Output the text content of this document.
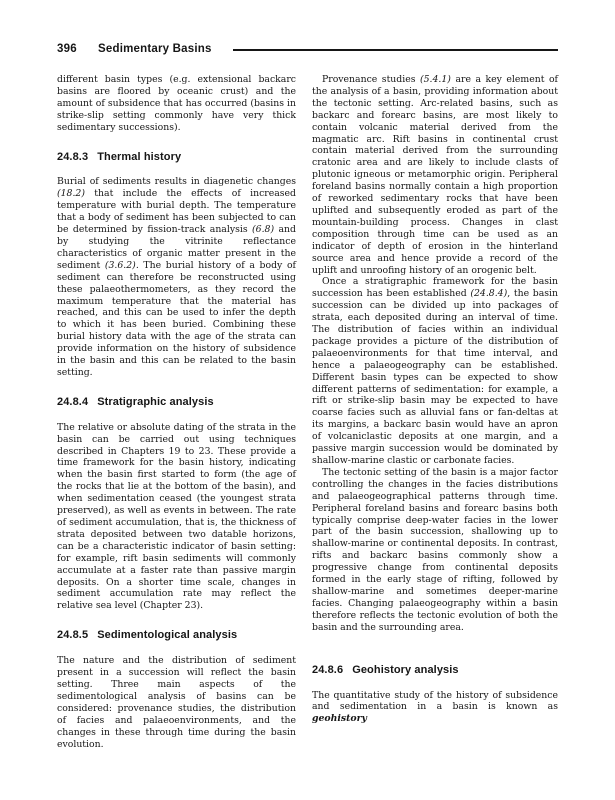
396	Sedimentary Basins

different basin types (e.g. extensional backarc basins are floored by oceanic crust) and the amount of subsidence that has occurred (basins in strike-slip setting commonly have very thick sedimentary successions).

24.8.3 Thermal history

Burial of sediments results in diagenetic changes (18.2) that include the effects of increased temperature with burial depth. The temperature that a body of sediment has been subjected to can be determined by fission-track analysis (6.8) and by studying the vitrinite reflectance characteristics of organic matter present in the sediment (3.6.2). The burial history of a body of sediment can therefore be reconstructed using these palaeothermometers, as they record the maximum temperature that the material has reached, and this can be used to infer the depth to which it has been buried. Combining these burial history data with the age of the strata can provide information on the history of subsidence in the basin and this can be related to the basin setting.

24.8.4 Stratigraphic analysis

The relative or absolute dating of the strata in the basin can be carried out using techniques described in Chapters 19 to 23. These provide a time framework for the basin history, indicating when the basin first started to form (the age of the rocks that lie at the bottom of the basin), and when sedimentation ceased (the youngest strata preserved), as well as events in between. The rate of sediment accumulation, that is, the thickness of strata deposited between two datable horizons, can be a characteristic indicator of basin setting: for example, rift basin sediments will commonly accumulate at a faster rate than passive margin deposits. On a shorter time scale, changes in sediment accumulation rate may reflect the relative sea level (Chapter 23).

24.8.5 Sedimentological analysis

The nature and the distribution of sediment present in a succession will reflect the basin setting. Three main aspects of the sedimentological analysis of basins can be considered: provenance studies, the distribution of facies and palaeoenvironments, and the changes in these through time during the basin evolution.

Provenance studies (5.4.1) are a key element of the analysis of a basin, providing information about the tectonic setting. Arc-related basins, such as backarc and forearc basins, are most likely to contain volcanic material derived from the magmatic arc. Rift basins in continental crust contain material derived from the surrounding cratonic area and are likely to include clasts of plutonic igneous or metamorphic origin. Peripheral foreland basins normally contain a high proportion of reworked sedimentary rocks that have been uplifted and subsequently eroded as part of the mountain-building process. Changes in clast composition through time can be used as an indicator of depth of erosion in the hinterland source area and hence provide a record of the uplift and unroofing history of an orogenic belt.

Once a stratigraphic framework for the basin succession has been established (24.8.4), the basin succession can be divided up into packages of strata, each deposited during an interval of time. The distribution of facies within an individual package provides a picture of the distribution of palaeoenvironments for that time interval, and hence a palaeogeography can be established. Different basin types can be expected to show different patterns of sedimentation: for example, a rift or strike-slip basin may be expected to have coarse facies such as alluvial fans or fan-deltas at its margins, a backarc basin would have an apron of volcaniclastic deposits at one margin, and a passive margin succession would be dominated by shallow-marine clastic or carbonate facies.

The tectonic setting of the basin is a major factor controlling the changes in the facies distributions and palaeogeographical patterns through time. Peripheral foreland basins and forearc basins both typically comprise deep-water facies in the lower part of the basin succession, shallowing up to shallow-marine or continental deposits. In contrast, rifts and backarc basins commonly show a progressive change from continental deposits formed in the early stage of rifting, followed by shallow-marine and sometimes deeper-marine facies. Changing palaeogeography within a basin therefore reflects the tectonic evolution of both the basin and the surrounding area.

24.8.6 Geohistory analysis

The quantitative study of the history of subsidence and sedimentation in a basin is known as geohistory
